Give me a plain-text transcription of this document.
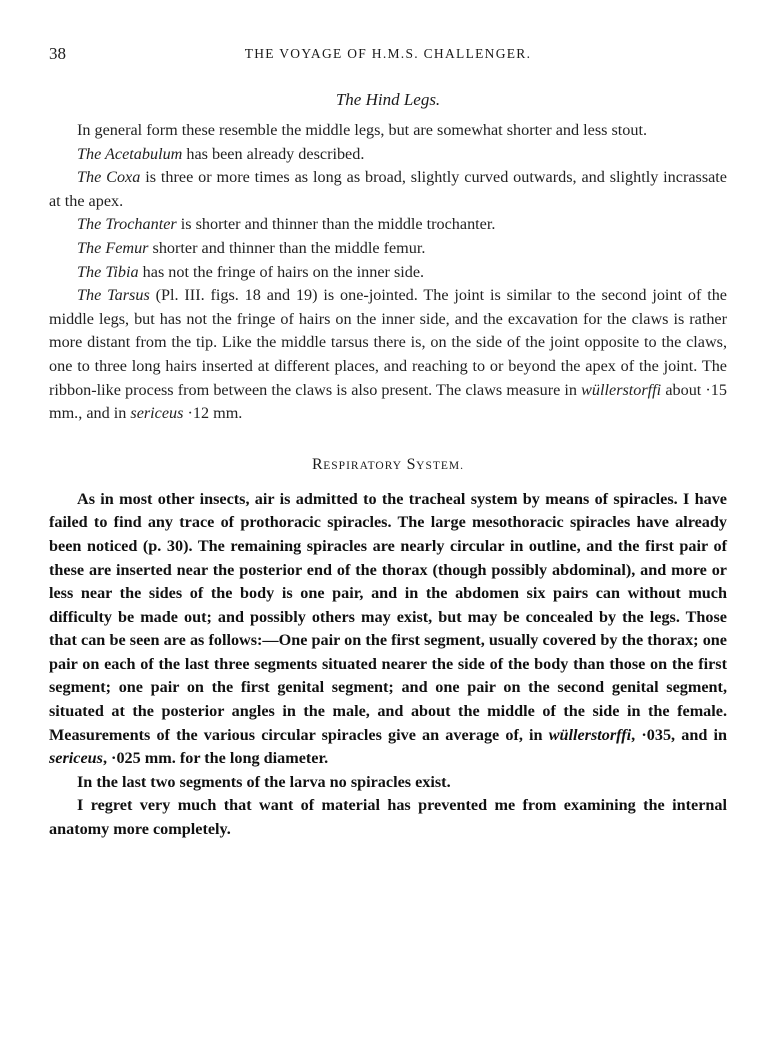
38	THE VOYAGE OF H.M.S. CHALLENGER.
The Hind Legs.

In general form these resemble the middle legs, but are somewhat shorter and less stout.

The Acetabulum has been already described.

The Coxa is three or more times as long as broad, slightly curved outwards, and slightly incrassate at the apex.

The Trochanter is shorter and thinner than the middle trochanter.

The Femur shorter and thinner than the middle femur.

The Tibia has not the fringe of hairs on the inner side.

The Tarsus (Pl. III. figs. 18 and 19) is one-jointed. The joint is similar to the second joint of the middle legs, but has not the fringe of hairs on the inner side, and the excavation for the claws is rather more distant from the tip. Like the middle tarsus there is, on the side of the joint opposite to the claws, one to three long hairs inserted at different places, and reaching to or beyond the apex of the joint. The ribbon-like process from between the claws is also present. The claws measure in wüllerstorffi about ·15 mm., and in sericeus ·12 mm.

RESPIRATORY SYSTEM.

As in most other insects, air is admitted to the tracheal system by means of spiracles. I have failed to find any trace of prothoracic spiracles. The large mesothoracic spiracles have already been noticed (p. 30). The remaining spiracles are nearly circular in outline, and the first pair of these are inserted near the posterior end of the thorax (though possibly abdominal), and more or less near the sides of the body is one pair, and in the abdomen six pairs can without much difficulty be made out; and possibly others may exist, but may be concealed by the legs. Those that can be seen are as follows:—One pair on the first segment, usually covered by the thorax; one pair on each of the last three segments situated nearer the side of the body than those on the first segment; one pair on the first genital segment; and one pair on the second genital segment, situated at the posterior angles in the male, and about the middle of the side in the female. Measurements of the various circular spiracles give an average of, in wüllerstorffi, ·035, and in sericeus, ·025 mm. for the long diameter.

In the last two segments of the larva no spiracles exist.

I regret very much that want of material has prevented me from examining the internal anatomy more completely.
